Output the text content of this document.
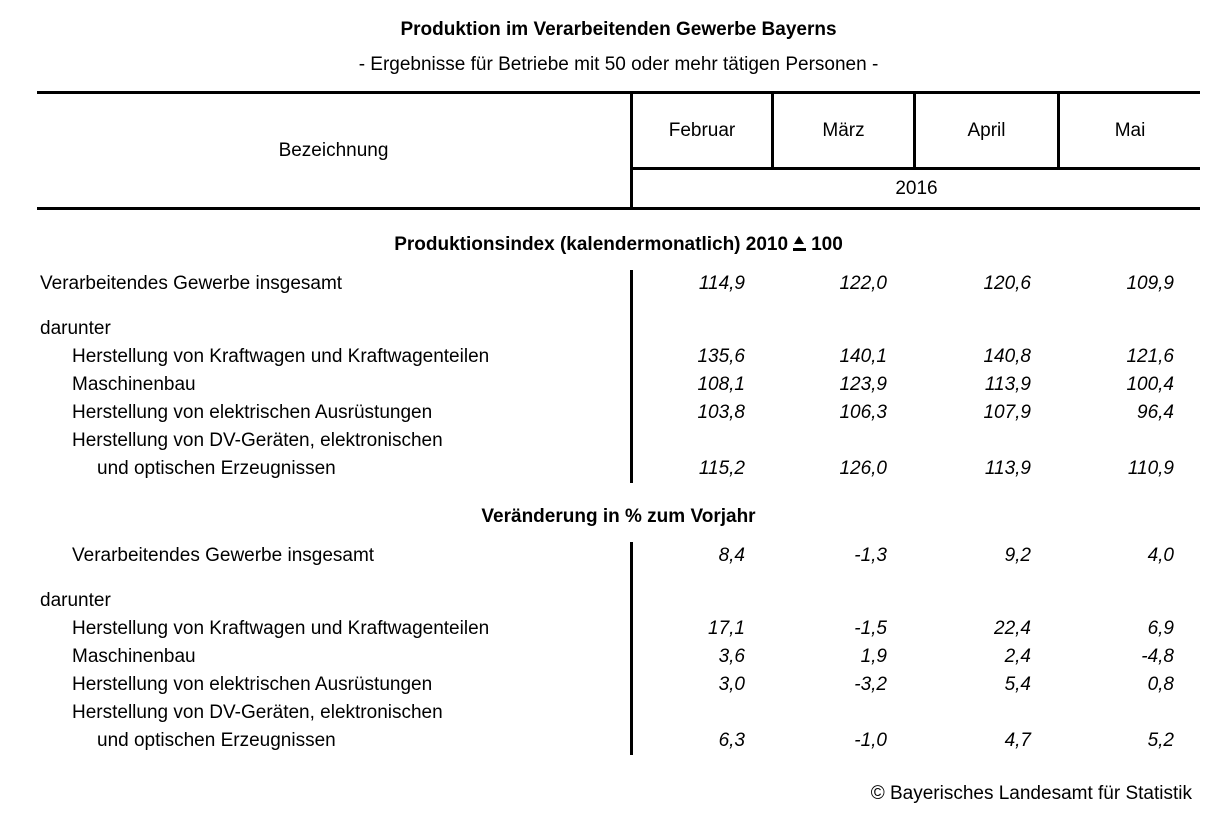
Produktion im Verarbeitenden Gewerbe Bayerns
- Ergebnisse für Betriebe mit 50 oder mehr tätigen Personen -
Bezeichnung
Februar	März	April	Mai
2016
Produktionsindex (kalendermonatlich) 2010 100
Verarbeitendes Gewerbe insgesamt	114,9	122,0	120,6	109,9
darunter
Herstellung von Kraftwagen und Kraftwagenteilen	135,6	140,1	140,8	121,6
Maschinenbau	108,1	123,9	113,9	100,4
Herstellung von elektrischen Ausrüstungen	103,8	106,3	107,9	96,4
Herstellung von DV-Geräten, elektronischen
und optischen Erzeugnissen	115,2	126,0	113,9	110,9
Veränderung in % zum Vorjahr
Verarbeitendes Gewerbe insgesamt	8,4	-1,3	9,2	4,0
darunter
Herstellung von Kraftwagen und Kraftwagenteilen	17,1	-1,5	22,4	6,9
Maschinenbau	3,6	1,9	2,4	-4,8
Herstellung von elektrischen Ausrüstungen	3,0	-3,2	5,4	0,8
Herstellung von DV-Geräten, elektronischen
und optischen Erzeugnissen	6,3	-1,0	4,7	5,2
© Bayerisches Landesamt für Statistik
